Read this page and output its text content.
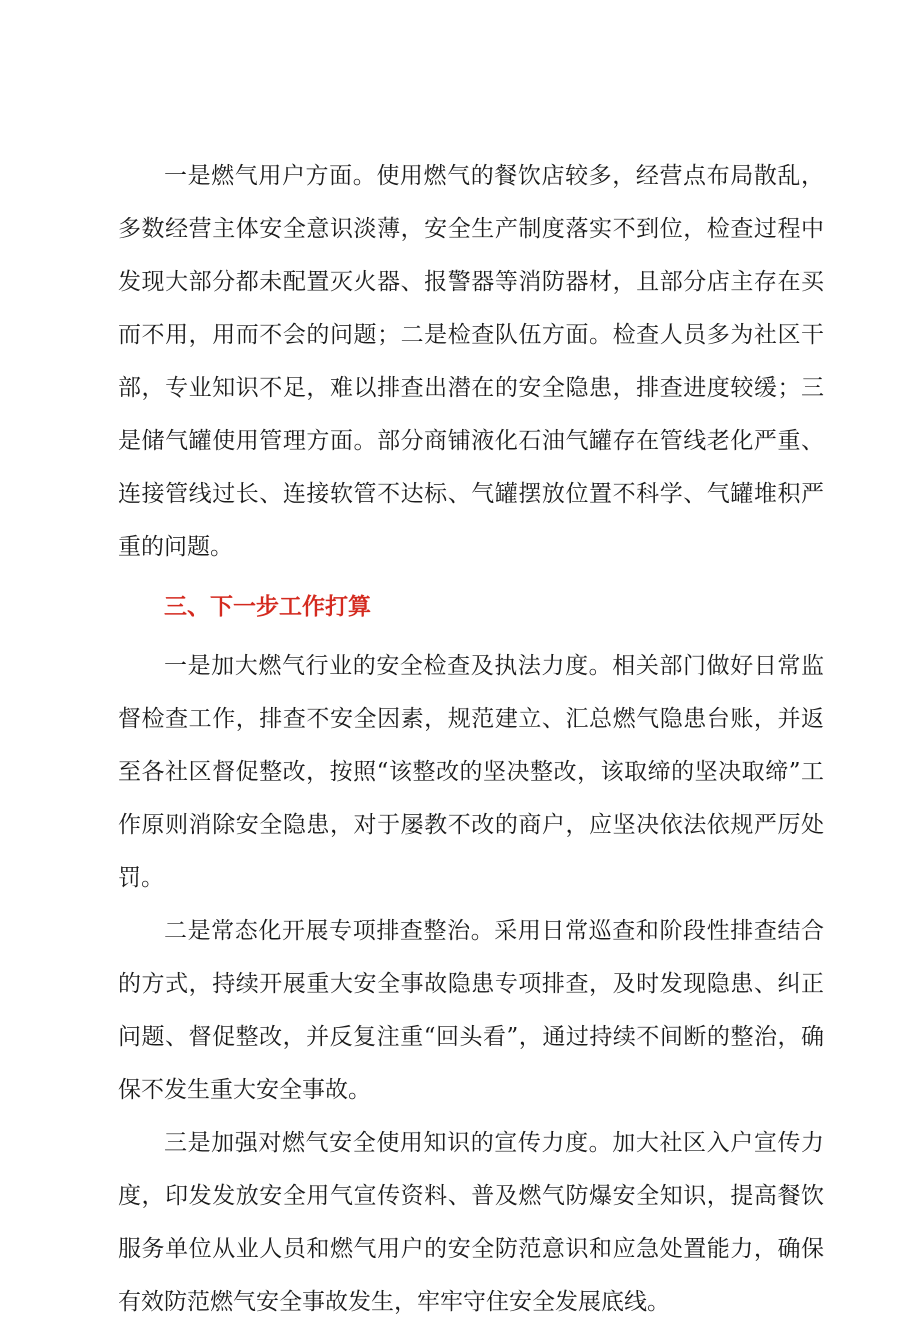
一是燃气用户方面。使用燃气的餐饮店较多，经营点布局散乱，多数经营主体安全意识淡薄，安全生产制度落实不到位，检查过程中发现大部分都未配置灭火器、报警器等消防器材，且部分店主存在买而不用，用而不会的问题；二是检查队伍方面。检查人员多为社区干部，专业知识不足，难以排查出潜在的安全隐患，排查进度较缓；三是储气罐使用管理方面。部分商铺液化石油气罐存在管线老化严重、连接管线过长、连接软管不达标、气罐摆放位置不科学、气罐堆积严重的问题。

三、下一步工作打算

一是加大燃气行业的安全检查及执法力度。相关部门做好日常监督检查工作，排查不安全因素，规范建立、汇总燃气隐患台账，并返至各社区督促整改，按照“该整改的坚决整改，该取缔的坚决取缔”工作原则消除安全隐患，对于屡教不改的商户，应坚决依法依规严厉处罚。

二是常态化开展专项排查整治。采用日常巡查和阶段性排查结合的方式，持续开展重大安全事故隐患专项排查，及时发现隐患、纠正问题、督促整改，并反复注重“回头看”，通过持续不间断的整治，确保不发生重大安全事故。

三是加强对燃气安全使用知识的宣传力度。加大社区入户宣传力度，印发发放安全用气宣传资料、普及燃气防爆安全知识，提高餐饮服务单位从业人员和燃气用户的安全防范意识和应急处置能力，确保有效防范燃气安全事故发生，牢牢守住安全发展底线。
